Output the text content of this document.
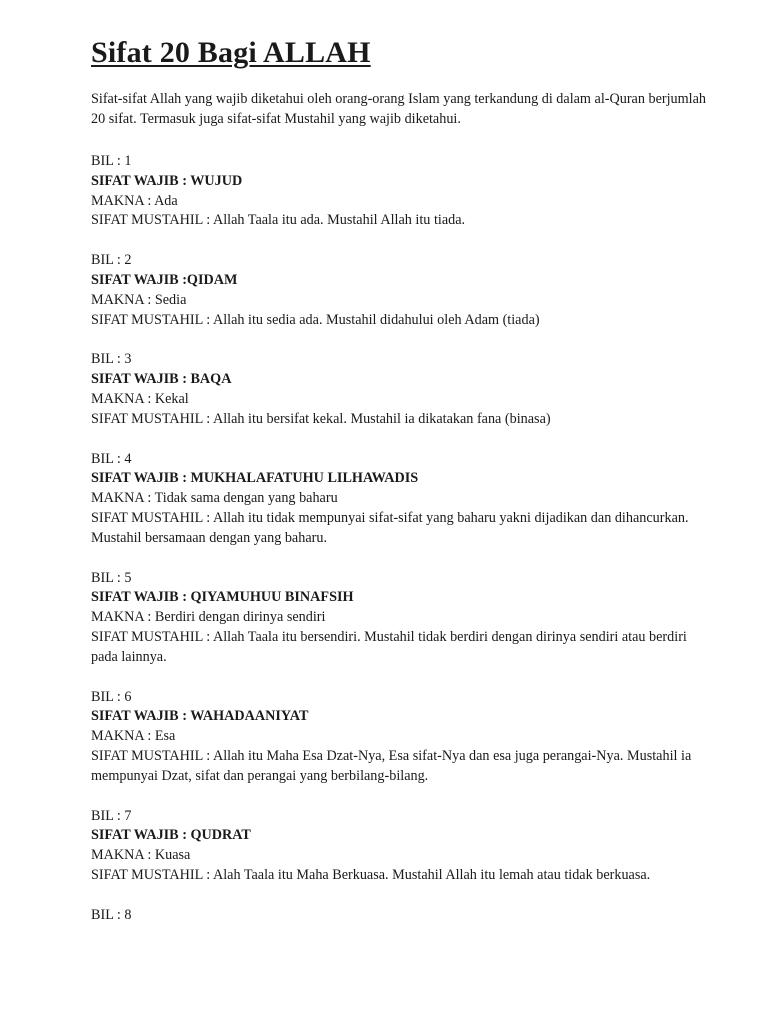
Sifat 20 Bagi ALLAH

Sifat-sifat Allah yang wajib diketahui oleh orang-orang Islam yang terkandung di dalam al-Quran berjumlah 20 sifat. Termasuk juga sifat-sifat Mustahil yang wajib diketahui.

BIL : 1
SIFAT WAJIB : WUJUD
MAKNA : Ada
SIFAT MUSTAHIL : Allah Taala itu ada. Mustahil Allah itu tiada.
BIL : 2
SIFAT WAJIB :QIDAM
MAKNA : Sedia
SIFAT MUSTAHIL : Allah itu sedia ada. Mustahil didahului oleh Adam (tiada)
BIL : 3
SIFAT WAJIB : BAQA
MAKNA : Kekal
SIFAT MUSTAHIL : Allah itu bersifat kekal. Mustahil ia dikatakan fana (binasa)
BIL : 4
SIFAT WAJIB : MUKHALAFATUHU LILHAWADIS
MAKNA : Tidak sama dengan yang baharu
SIFAT MUSTAHIL : Allah itu tidak mempunyai sifat-sifat yang baharu yakni dijadikan dan dihancurkan. Mustahil bersamaan dengan yang baharu.
BIL : 5
SIFAT WAJIB : QIYAMUHUU BINAFSIH
MAKNA : Berdiri dengan dirinya sendiri
SIFAT MUSTAHIL : Allah Taala itu bersendiri. Mustahil tidak berdiri dengan dirinya sendiri atau berdiri pada lainnya.
BIL : 6
SIFAT WAJIB : WAHADAANIYAT
MAKNA : Esa
SIFAT MUSTAHIL : Allah itu Maha Esa Dzat-Nya, Esa sifat-Nya dan esa juga perangai-Nya. Mustahil ia mempunyai Dzat, sifat dan perangai yang berbilang-bilang.
BIL : 7
SIFAT WAJIB : QUDRAT
MAKNA : Kuasa
SIFAT MUSTAHIL : Alah Taala itu Maha Berkuasa. Mustahil Allah itu lemah atau tidak berkuasa.
BIL : 8
